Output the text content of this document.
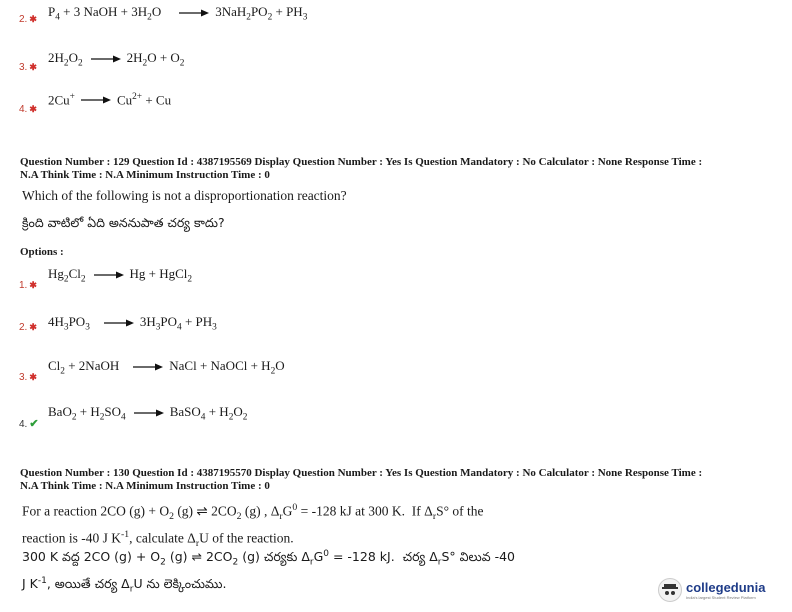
2. ✱ $P_4 + 3$ NaOH + $3H_2O \to 3NaH_2PO_2 + PH_3$
3. ✱
$2H_2O_2 \to 2H_2O + O_2$
4. ✱
$2Cu^+ \to Cu^{2+} + Cu$
Question Number : 129 Question Id : 4387195569 Display Question Number : Yes Is Question Mandatory : No Calculator : None Response Time :
N.A Think Time : N.A Minimum Instruction Time : 0
Which of the following is not a disproportionation reaction?
క్రింది వాటిలో ఏది అననుపాత చర్య కాదు?
Options :
1. ✱
$Hg_2Cl_2 \to Hg$ + HgCl$_2$
2. ✱ $4H_3PO_3 \to 3H_3PO_4 + PH_3$
3. ✱
$Cl_2$ + 2NaOH → NaCl + NaOCl + $H_2O$
4. ✔
$BaO_2 + H_2SO_4$ → BaSO$_4$ + $H_2O_2$
Question Number : 130 Question Id : 4387195570 Display Question Number : Yes Is Question Mandatory : No Calculator : None Response Time :
N.A Think Time : N.A Minimum Instruction Time : 0
For a reaction 2CO $(g) + O_2$ (g) ⇌ $2CO_2$ (g) , $\Delta_rG^0 = -128$ kJ at 300 K.  If $\Delta_rS^\circ$ of the
reaction is -40 J $K^{-1}$, calculate $\Delta_rU$ of the reaction.
300 K వద్ద 2CO $(g) + O_2$ (g) ⇌ $2CO_2$ (g) చర్యకు $\Delta_rG^0 = -128$ kJ.  చర్య $\Delta_rS^\circ$ విలువ -40
J $K^{-1}$, అయితే చర్య $\Delta_rU$ ను లెక్కించుము.	collegedunia
India's largest Student Review Platform
